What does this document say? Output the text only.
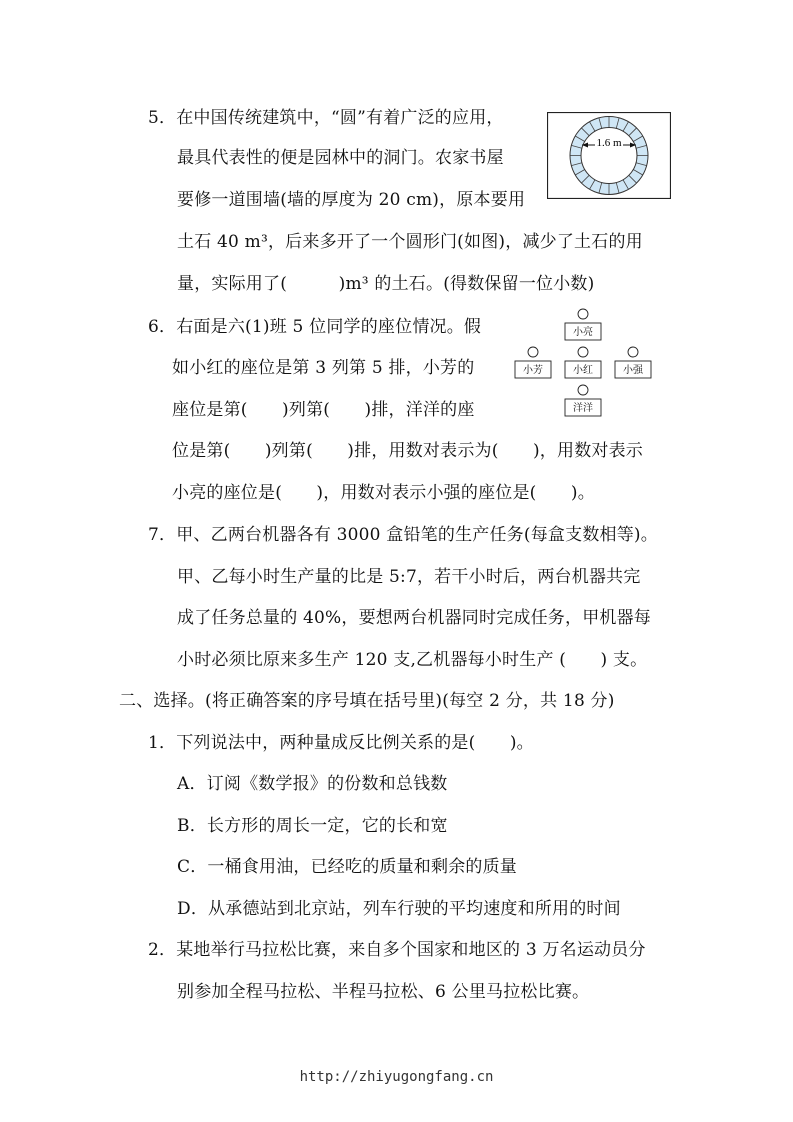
5．在中国传统建筑中，“圆”有着广泛的应用，
最具代表性的便是园林中的洞门。农家书屋
要修一道围墙(墙的厚度为 20 cm)，原本要用
土石 40 m³，后来多开了一个圆形门(如图)，减少了土石的用
量，实际用了(　　　)m³ 的土石。(得数保留一位小数)
1.6 m
6．右面是六(1)班 5 位同学的座位情况。假
如小红的座位是第 3 列第 5 排，小芳的
座位是第(　　)列第(　　)排，洋洋的座
位是第(　　)列第(　　)排，用数对表示为(　　)，用数对表示
小亮的座位是(　　)，用数对表示小强的座位是(　　)。
小亮
小芳	小红	小强
洋洋
7．甲、乙两台机器各有 3000 盒铅笔的生产任务(每盒支数相等)。
甲、乙每小时生产量的比是 5:7，若干小时后，两台机器共完
成了任务总量的 40%，要想两台机器同时完成任务，甲机器每
小时必须比原来多生产 120 支,乙机器每小时生产 (　　) 支。
二、选择。(将正确答案的序号填在括号里)(每空 2 分，共 18 分)
1．下列说法中，两种量成反比例关系的是(　　)。
A．订阅《数学报》的份数和总钱数
B．长方形的周长一定，它的长和宽
C．一桶食用油，已经吃的质量和剩余的质量
D．从承德站到北京站，列车行驶的平均速度和所用的时间
2．某地举行马拉松比赛，来自多个国家和地区的 3 万名运动员分
别参加全程马拉松、半程马拉松、6 公里马拉松比赛。
http://zhiyugongfang.cn
